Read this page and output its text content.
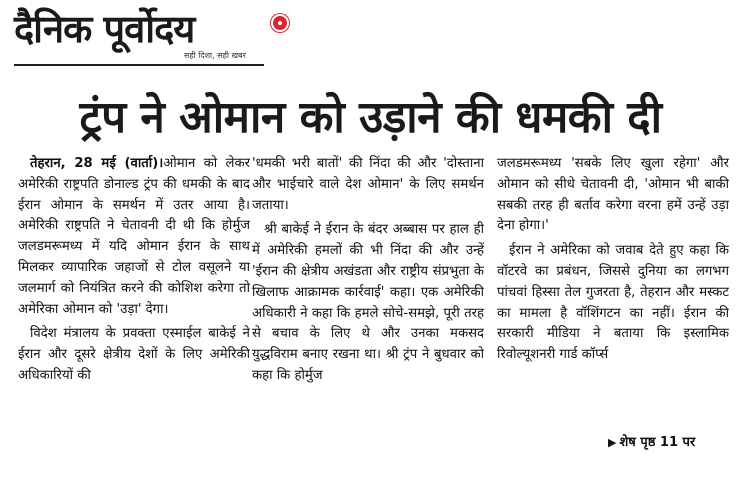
दैनिक पूर्वोदय
सही दिशा, सही खबर
ट्रंप ने ओमान को उड़ाने की धमकी दी

तेहरान, 28 मई (वार्ता)।ओमान को लेकर अमेरिकी राष्ट्रपति डोनाल्ड ट्रंप की धमकी के बाद ईरान ओमान के समर्थन में उतर आया है। अमेरिकी राष्ट्रपति ने चेतावनी दी थी कि होर्मुज जलडमरूमध्य में यदि ओमान ईरान के साथ मिलकर व्यापारिक जहाजों से टोल वसूलने या जलमार्ग को नियंत्रित करने की कोशिश करेगा तो अमेरिका ओमान को 'उड़ा' देगा।

विदेश मंत्रालय के प्रवक्ता एस्माईल बाकेई ने ईरान और दूसरे क्षेत्रीय देशों के लिए अमेरिकी अधिकारियों की

'धमकी भरी बातों' की निंदा की और 'दोस्ताना और भाईचारे वाले देश ओमान' के लिए समर्थन जताया।

श्री बाकेई ने ईरान के बंदर अब्बास पर हाल ही में अमेरिकी हमलों की भी निंदा की और उन्हें 'ईरान की क्षेत्रीय अखंडता और राष्ट्रीय संप्रभुता के खिलाफ आक्रामक कार्रवाई' कहा। एक अमेरिकी अधिकारी ने कहा कि हमले सोचे-समझे, पूरी तरह से बचाव के लिए थे और उनका मकसद युद्धविराम बनाए रखना था। श्री ट्रंप ने बुधवार को कहा कि होर्मुज

जलडमरूमध्य 'सबके लिए खुला रहेगा' और ओमान को सीधे चेतावनी दी, 'ओमान भी बाकी सबकी तरह ही बर्ताव करेगा वरना हमें उन्हें उड़ा देना होगा।'

ईरान ने अमेरिका को जवाब देते हुए कहा कि वॉटरवे का प्रबंधन, जिससे दुनिया का लगभग पांचवां हिस्सा तेल गुजरता है, तेहरान और मस्कट का मामला है वॉशिंगटन का नहीं। ईरान की सरकारी मीडिया ने बताया कि इस्लामिक रिवोल्यूशनरी गार्ड कॉर्प्स

▶ शेष पृष्ठ 11 पर
